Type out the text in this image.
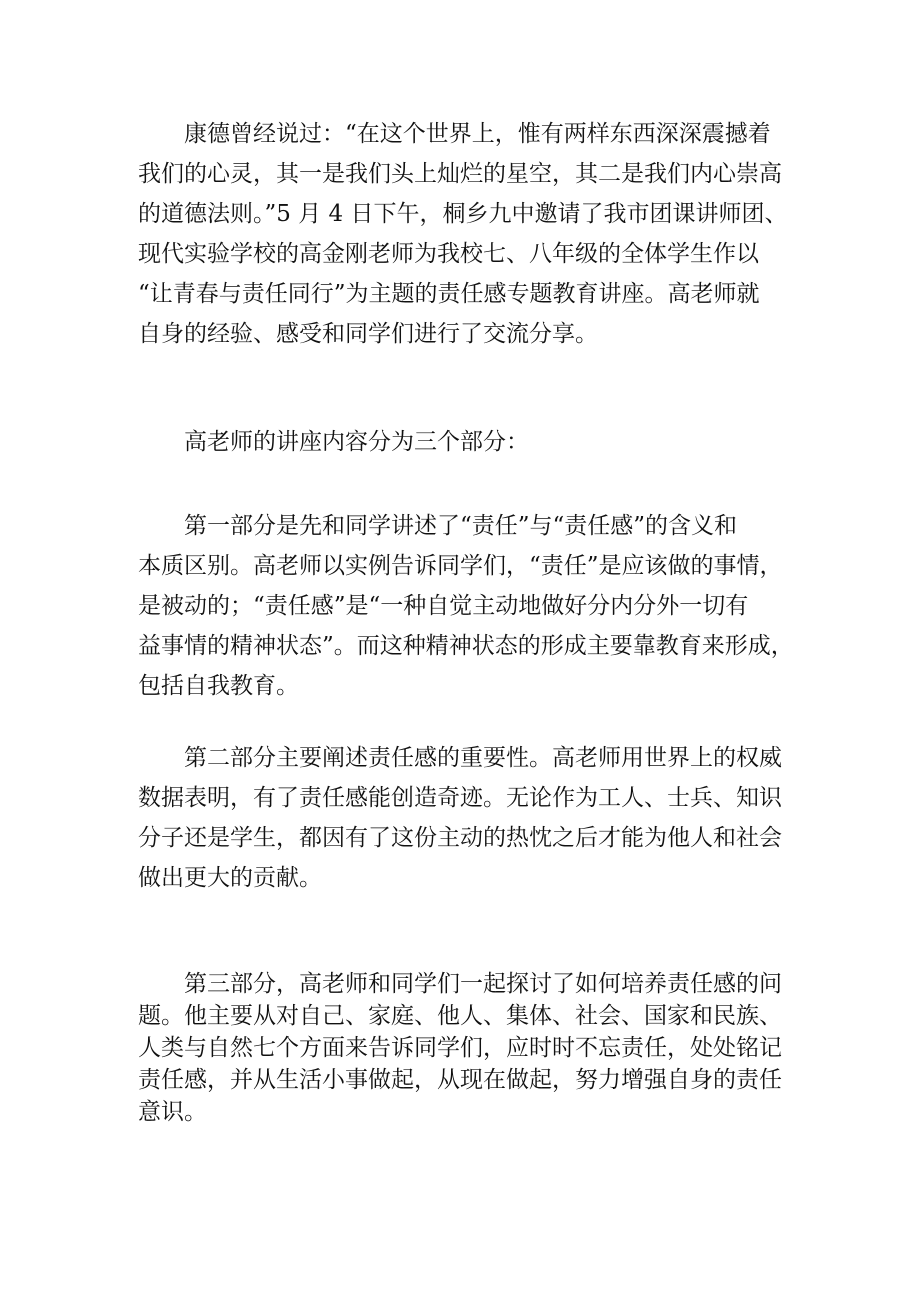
康德曾经说过：“在这个世界上，惟有两样东西深深震撼着
我们的心灵，其一是我们头上灿烂的星空，其二是我们内心崇高
的道德法则。”5 月 4 日下午，桐乡九中邀请了我市团课讲师团、
现代实验学校的高金刚老师为我校七、八年级的全体学生作以
“让青春与责任同行”为主题的责任感专题教育讲座。高老师就
自身的经验、感受和同学们进行了交流分享。

高老师的讲座内容分为三个部分：

第一部分是先和同学讲述了“责任”与“责任感”的含义和
本质区别。高老师以实例告诉同学们，“责任”是应该做的事情，
是被动的；“责任感”是“一种自觉主动地做好分内分外一切有
益事情的精神状态”。而这种精神状态的形成主要靠教育来形成，
包括自我教育。

第二部分主要阐述责任感的重要性。高老师用世界上的权威
数据表明，有了责任感能创造奇迹。无论作为工人、士兵、知识
分子还是学生，都因有了这份主动的热忱之后才能为他人和社会
做出更大的贡献。

第三部分，高老师和同学们一起探讨了如何培养责任感的问
题。他主要从对自己、家庭、他人、集体、社会、国家和民族、
人类与自然七个方面来告诉同学们，应时时不忘责任，处处铭记
责任感，并从生活小事做起，从现在做起，努力增强自身的责任
意识。
